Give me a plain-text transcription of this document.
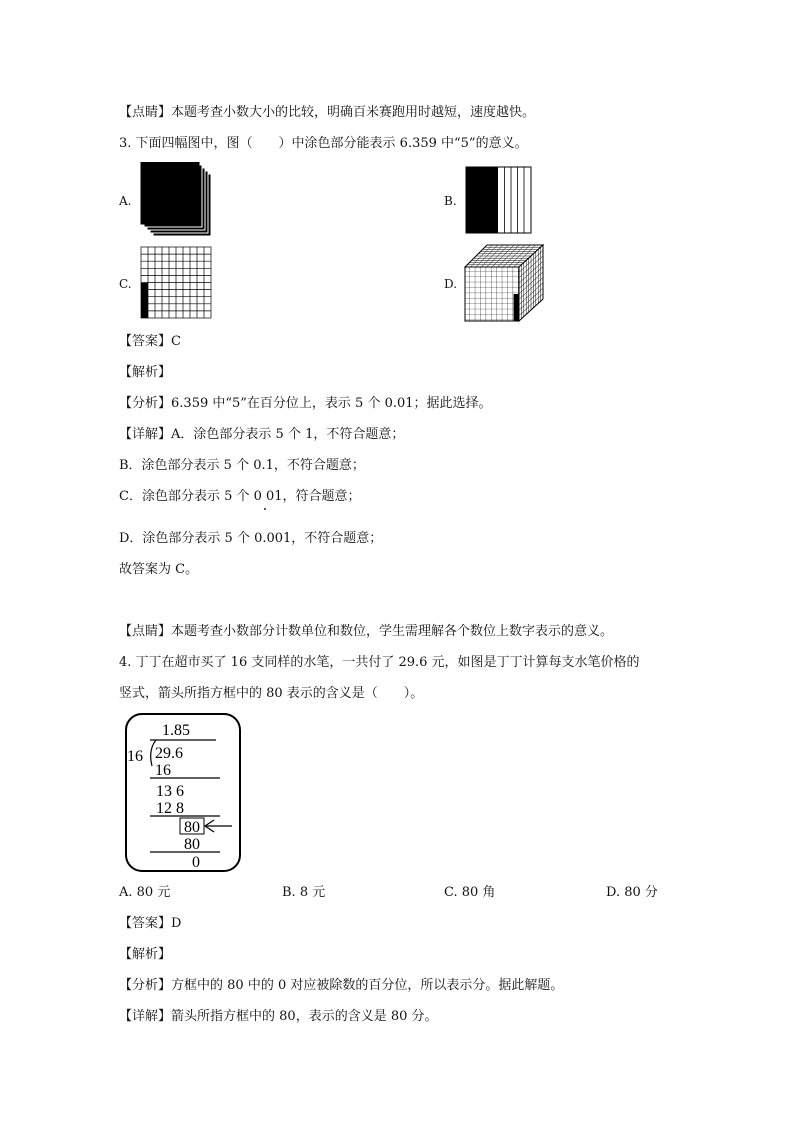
【点睛】本题考查小数大小的比较，明确百米赛跑用时越短，速度越快。
3. 下面四幅图中，图（　　）中涂色部分能表示 6.359 中“5”的意义。
A.	B.
C.	D.
【答案】C
【解析】
【分析】6.359 中“5”在百分位上，表示 5 个 0.01；据此选择。
【详解】A．涂色部分表示 5 个 1，不符合题意；
B．涂色部分表示 5 个 0.1，不符合题意；
C．涂色部分表示 5 个 0 01，符合题意；
D．涂色部分表示 5 个 0.001，不符合题意；
故答案为 C。
【点睛】本题考查小数部分计数单位和数位，学生需理解各个数位上数字表示的意义。
4. 丁丁在超市买了 16 支同样的水笔，一共付了 29.6 元，如图是丁丁计算每支水笔价格的
竖式，箭头所指方框中的 80 表示的含义是（　　）。
1.85
16 29.6
16
13 6
12 8
80
80
0
A. 80 元	B. 8 元	C. 80 角	D. 80 分
【答案】D
【解析】
【分析】方框中的 80 中的 0 对应被除数的百分位，所以表示分。据此解题。
【详解】箭头所指方框中的 80，表示的含义是 80 分。
